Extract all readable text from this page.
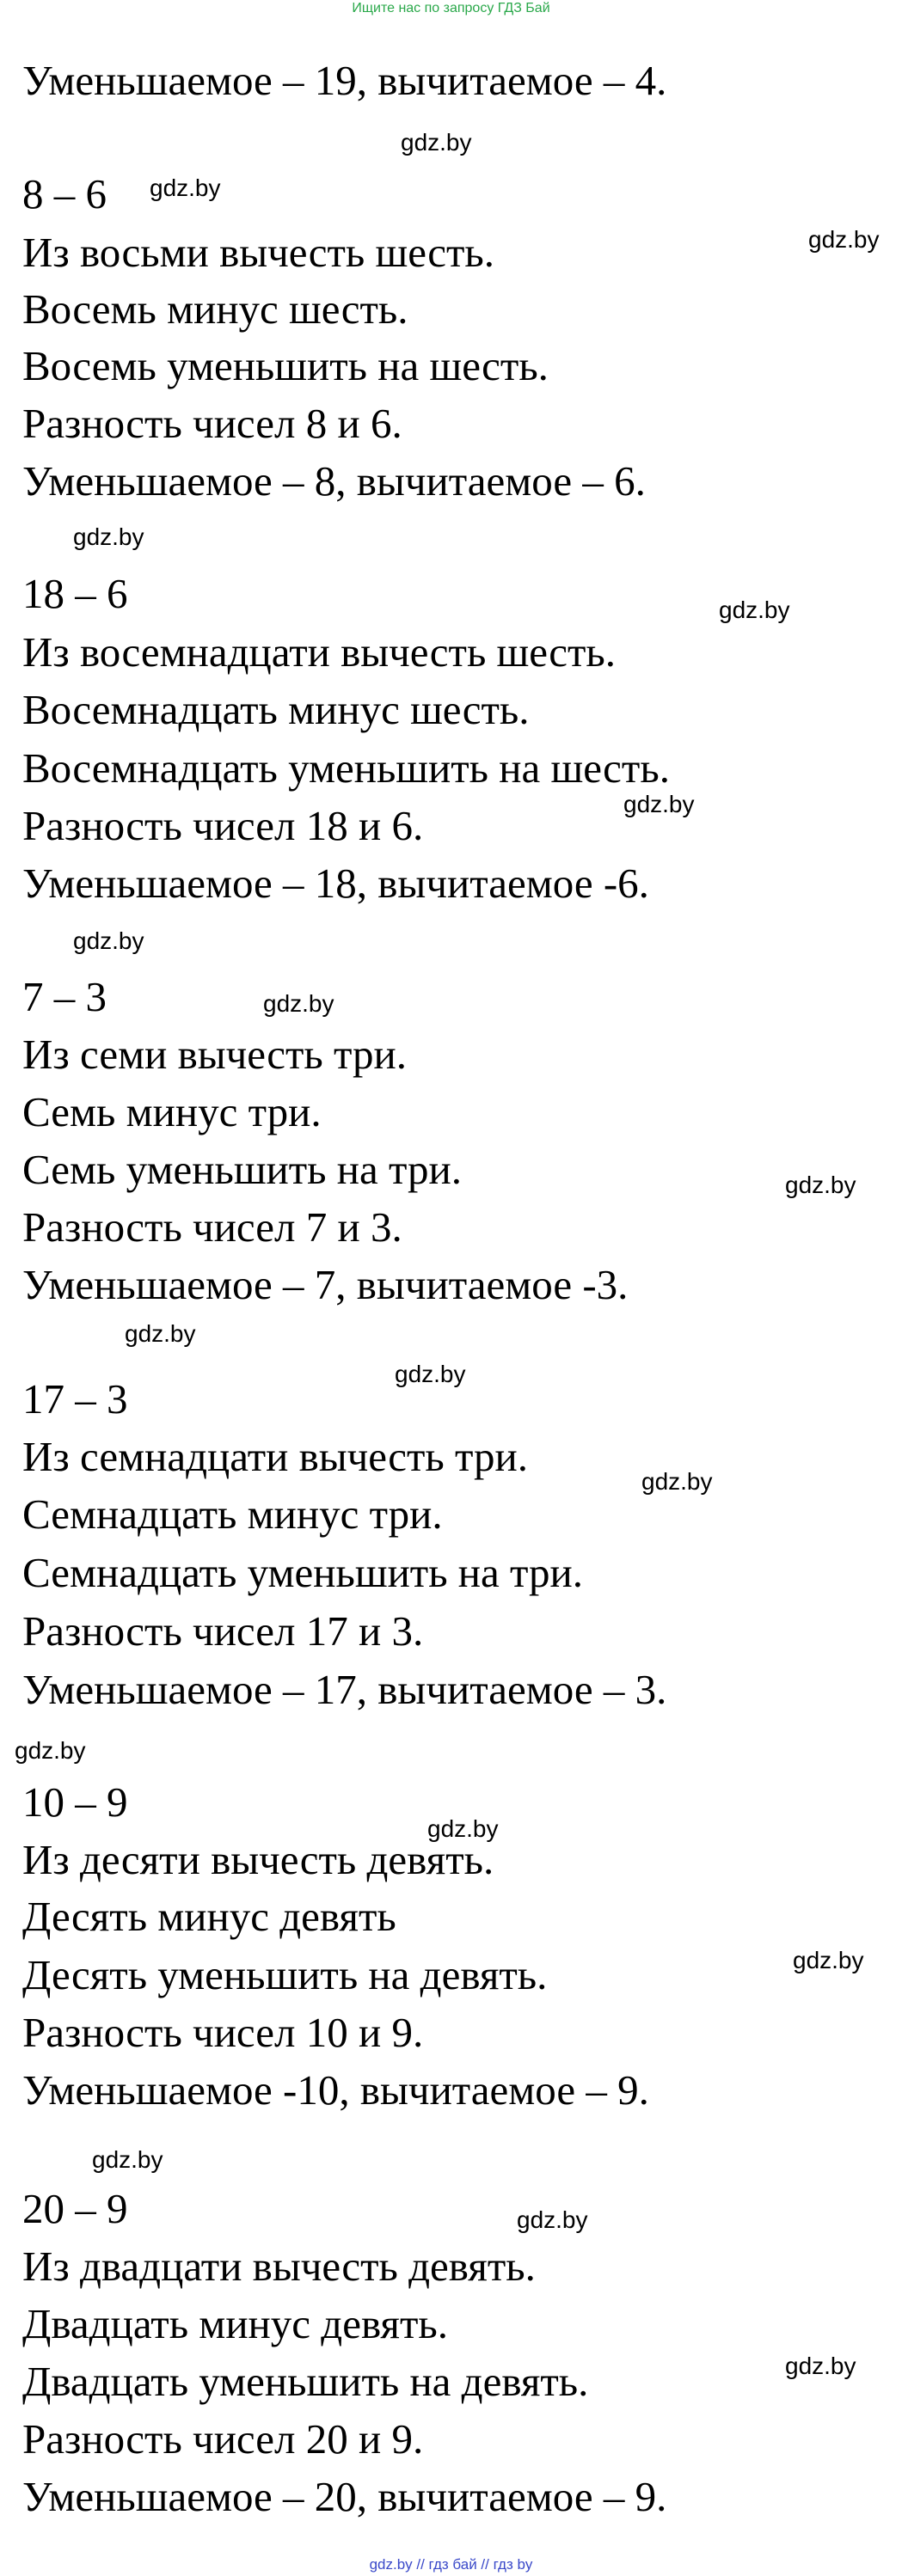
Ищите нас по запросу ГДЗ Бай
Уменьшаемое – 19, вычитаемое – 4.
8 – 6
Из восьми вычесть шесть.
Восемь минус шесть.
Восемь уменьшить на шесть.
Разность чисел 8 и 6.
Уменьшаемое – 8, вычитаемое – 6.
18 – 6
Из восемнадцати вычесть шесть.
Восемнадцать минус шесть.
Восемнадцать уменьшить на шесть.
Разность чисел 18 и 6.
Уменьшаемое – 18, вычитаемое -6.
7 – 3
Из семи вычесть три.
Семь минус три.
Семь уменьшить на три.
Разность чисел 7 и 3.
Уменьшаемое – 7, вычитаемое -3.
17 – 3
Из семнадцати вычесть три.
Семнадцать минус три.
Семнадцать уменьшить на три.
Разность чисел 17 и 3.
Уменьшаемое – 17, вычитаемое – 3.
10 – 9
Из десяти вычесть девять.
Десять минус девять
Десять уменьшить на девять.
Разность чисел 10 и 9.
Уменьшаемое -10, вычитаемое – 9.
20 – 9
Из двадцати вычесть девять.
Двадцать минус девять.
Двадцать уменьшить на девять.
Разность чисел 20 и 9.
Уменьшаемое – 20, вычитаемое – 9.
gdz.by
gdz.by
gdz.by
gdz.by
gdz.by
gdz.by
gdz.by
gdz.by
gdz.by
gdz.by
gdz.by
gdz.by
gdz.by
gdz.by
gdz.by
gdz.by
gdz.by
gdz.by
gdz.by // гдз бай // гдз by
